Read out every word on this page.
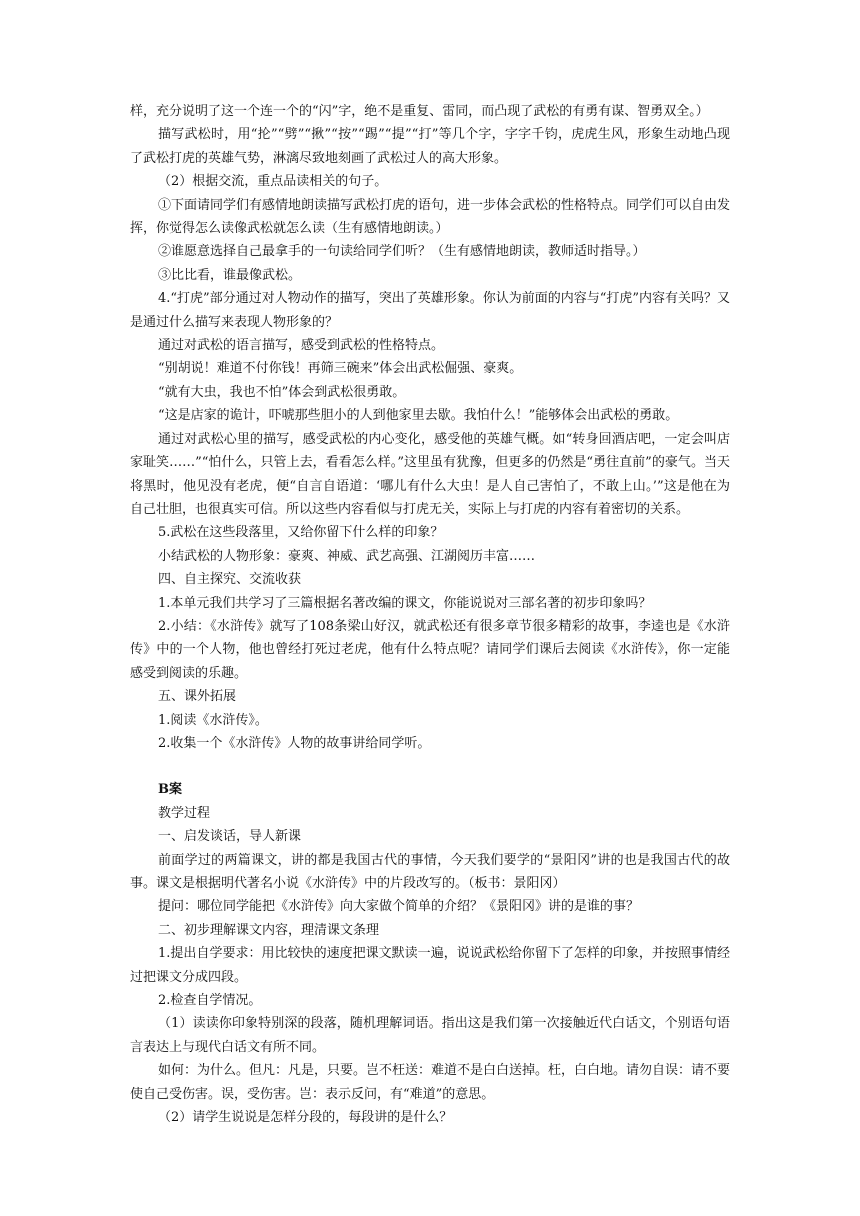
样，充分说明了这一个连一个的“闪”字，绝不是重复、雷同，而凸现了武松的有勇有谋、智勇双全。）

描写武松时，用“抡”“劈”“揪”“按”“踢”“提”“打”等几个字，字字千钧，虎虎生风，形象生动地凸现了武松打虎的英雄气势，淋漓尽致地刻画了武松过人的高大形象。

（2）根据交流，重点品读相关的句子。

①下面请同学们有感情地朗读描写武松打虎的语句，进一步体会武松的性格特点。同学们可以自由发挥，你觉得怎么读像武松就怎么读（生有感情地朗读。）

②谁愿意选择自己最拿手的一句读给同学们听？（生有感情地朗读，教师适时指导。）

③比比看，谁最像武松。

4.“打虎”部分通过对人物动作的描写，突出了英雄形象。你认为前面的内容与“打虎”内容有关吗？又是通过什么描写来表现人物形象的？

通过对武松的语言描写，感受到武松的性格特点。

“别胡说！难道不付你钱！再筛三碗来”体会出武松倔强、豪爽。

“就有大虫，我也不怕”体会到武松很勇敢。

“这是店家的诡计，吓唬那些胆小的人到他家里去歇。我怕什么！”能够体会出武松的勇敢。

通过对武松心里的描写，感受武松的内心变化，感受他的英雄气概。如“转身回酒店吧，一定会叫店家耻笑……”“怕什么，只管上去，看看怎么样。”这里虽有犹豫，但更多的仍然是“勇往直前”的豪气。当天将黑时，他见没有老虎，便“自言自语道：‘哪儿有什么大虫！是人自己害怕了，不敢上山。’”这是他在为自己壮胆，也很真实可信。所以这些内容看似与打虎无关，实际上与打虎的内容有着密切的关系。

5.武松在这些段落里，又给你留下什么样的印象？

小结武松的人物形象：豪爽、神威、武艺高强、江湖阅历丰富……

四、自主探究、交流收获

1.本单元我们共学习了三篇根据名著改编的课文，你能说说对三部名著的初步印象吗？

2.小结：《水浒传》就写了108条梁山好汉，就武松还有很多章节很多精彩的故事，李逵也是《水浒传》中的一个人物，他也曾经打死过老虎，他有什么特点呢？请同学们课后去阅读《水浒传》，你一定能感受到阅读的乐趣。

五、课外拓展

1.阅读《水浒传》。

2.收集一个《水浒传》人物的故事讲给同学听。

B案

教学过程

一、启发谈话，导人新课

前面学过的两篇课文，讲的都是我国古代的事情，今天我们要学的“景阳冈”讲的也是我国古代的故事。课文是根据明代著名小说《水浒传》中的片段改写的。（板书：景阳冈）

提问：哪位同学能把《水浒传》向大家做个简单的介绍？《景阳冈》讲的是谁的事？

二、初步理解课文内容，理清课文条理

1.提出自学要求：用比较快的速度把课文默读一遍，说说武松给你留下了怎样的印象，并按照事情经过把课文分成四段。

2.检查自学情况。

（1）读读你印象特别深的段落，随机理解词语。指出这是我们第一次接触近代白话文，个别语句语言表达上与现代白话文有所不同。

如何：为什么。但凡：凡是，只要。岂不枉送：难道不是白白送掉。枉，白白地。请勿自误：请不要使自己受伤害。误，受伤害。岂：表示反问，有“难道”的意思。

（2）请学生说说是怎样分段的，每段讲的是什么？
